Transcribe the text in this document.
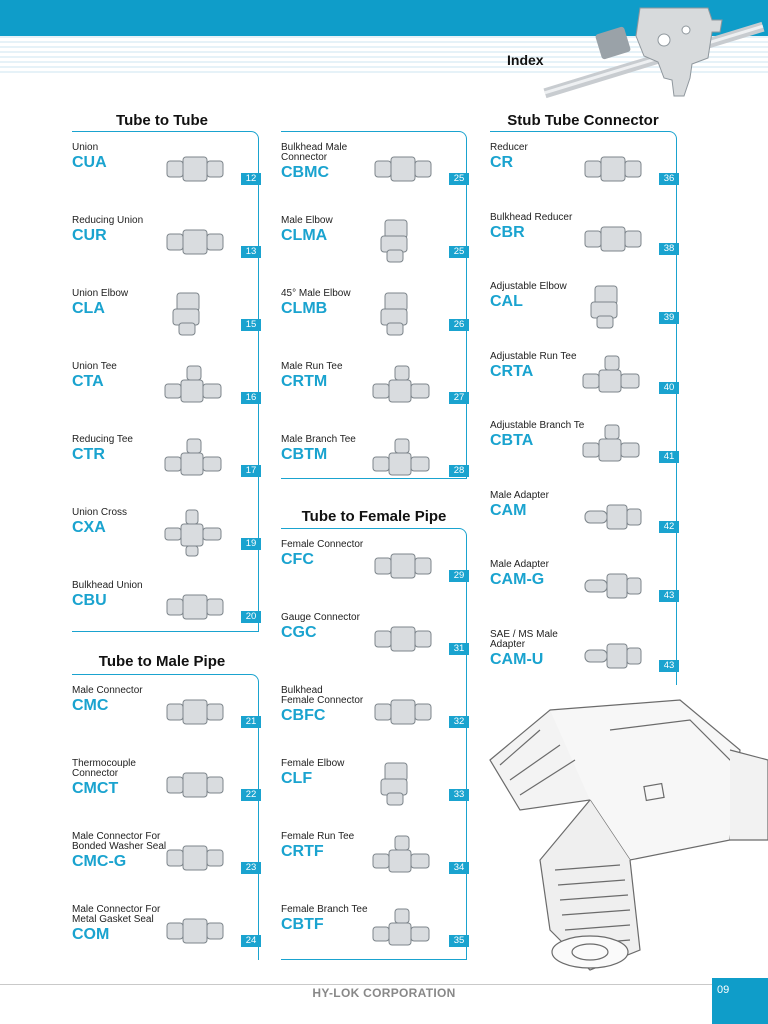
Index
Tube to Tube
Tube to Male Pipe
Tube to Female Pipe
Stub Tube Connector
Union
CUA
12
Reducing Union
CUR
13
Union Elbow
CLA
15
Union Tee
CTA
16
Reducing Tee
CTR
17
Union Cross
CXA
19
Bulkhead Union
CBU
20
Male Connector
CMC
21
Thermocouple
Connector
CMCT	22
Male Connector For
Bonded Washer Seal
CMC-G	23
Male Connector For
Metal Gasket Seal
COM	24
Bulkhead Male
Connector
CBMC	25
Male Elbow
CLMA
25
45° Male Elbow
CLMB
26
Male Run Tee
CRTM
27
Male Branch Tee
CBTM
28
Female Connector
CFC
29
Gauge Connector
CGC
31
Bulkhead
Female Connector
CBFC	32
Female Elbow
CLF
33
Female Run Tee
CRTF
34
Female Branch Tee
CBTF
35
Reducer
CR
36
Bulkhead Reducer
CBR
38
Adjustable Elbow
CAL
39
Adjustable Run Tee
CRTA
40
Adjustable Branch Te
CBTA
41
Male Adapter
CAM
42
Male Adapter
CAM-G
43
SAE / MS Male
Adapter
CAM-U	43
HY-LOK CORPORATION	09
